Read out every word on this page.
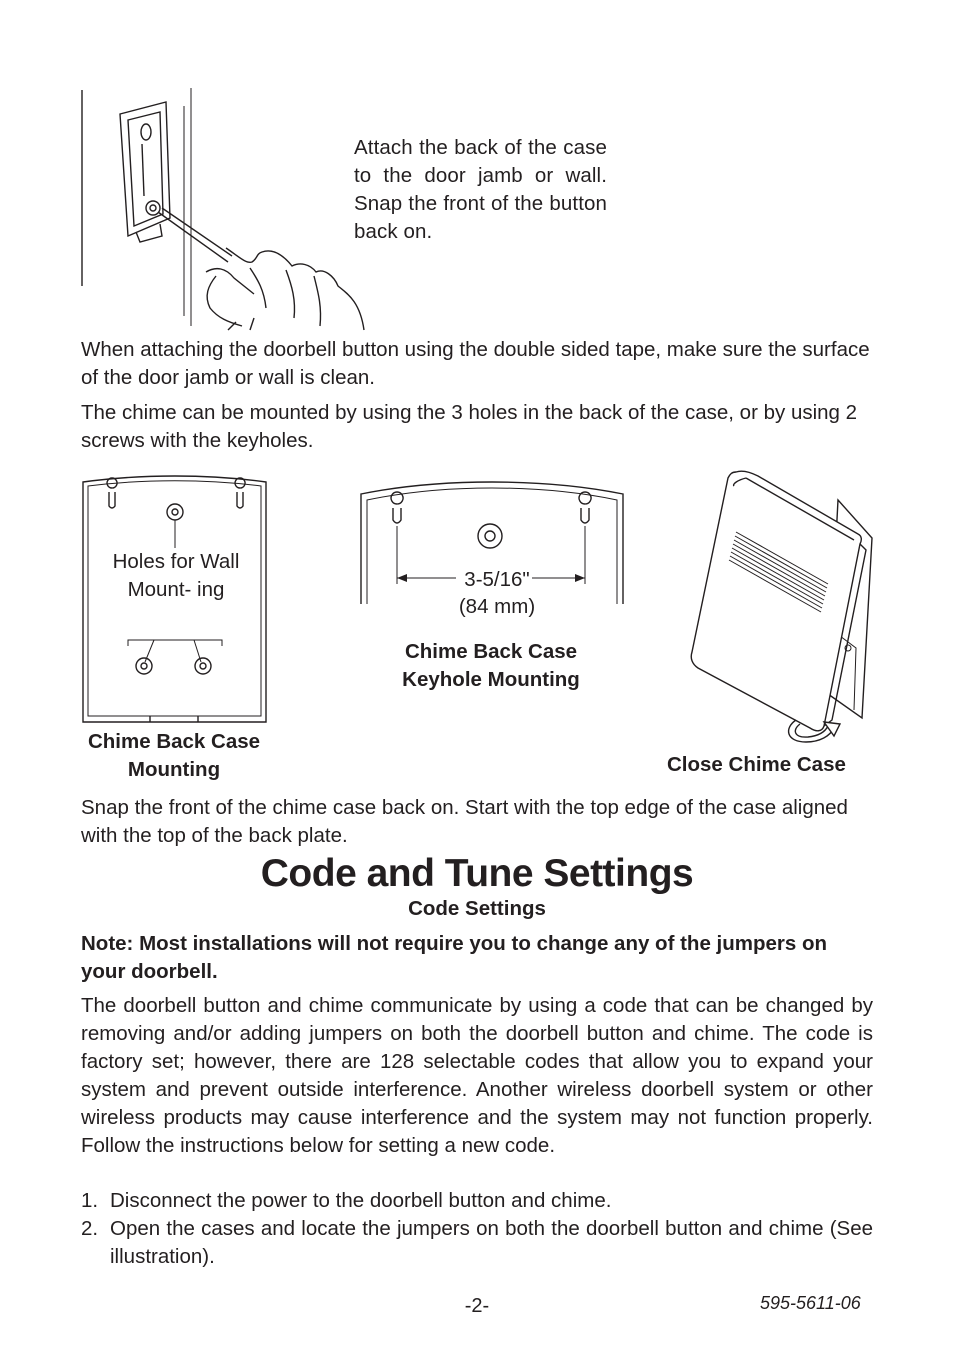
Attach the back of the case to the door jamb or wall. Snap the front of the button back on.
When attaching the doorbell button using the double sided tape, make sure the surface of the door jamb or wall is clean.
The chime can be mounted by using the 3 holes in the back of the case, or by using 2 screws with the keyholes.
Holes for Wall Mount- ing
Chime Back Case Mounting
3-5/16"
(84 mm)
Chime Back Case Keyhole Mounting
Close Chime Case
Snap the front of the chime case back on. Start with the top edge of the case aligned with the top of the back plate.
Code and Tune Settings
Code Settings
Note: Most installations will not require you to change any of the jumpers on your doorbell.
The doorbell button and chime communicate by using a code that can be changed by removing and/or adding jumpers on both the doorbell button and chime. The code is factory set; however, there are 128 selectable codes that allow you to expand your system and prevent outside interference. Another wireless doorbell system or other wireless products may cause interference and the system may not function properly. Follow the instructions below for setting a new code.
1. Disconnect the power to the doorbell button and chime.
2. Open the cases and locate the jumpers on both the doorbell button and chime (See illustration).
-2-	595-5611-06
